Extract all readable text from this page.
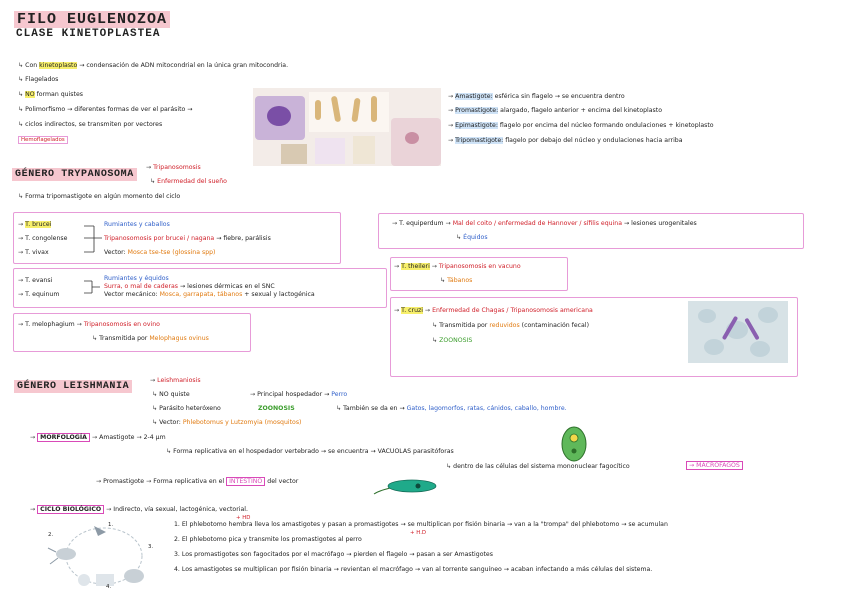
FILO EUGLENOZOA
CLASE KINETOPLASTEA
↳ Con kinetoplasto → condensación de ADN mitocondrial en la única gran mitocondria.
↳ Flagelados
↳ NO forman quistes
↳ Polimorfismo → diferentes formas de ver el parásito →
↳ ciclos indirectos, se transmiten por vectores
Hemoflagelados
→ Amastigote: esférica sin flagelo → se encuentra dentro
→ Promastigote: alargado, flagelo anterior + encima del kinetoplasto
→ Epimastigote: flagelo por encima del núcleo formando ondulaciones + kinetoplasto
→ Tripomastigote: flagelo por debajo del núcleo y ondulaciones hacia arriba
GÉNERO TRYPANOSOMA
→ Tripanosomosis
↳ Enfermedad del sueño
↳ Forma tripomastigote en algún momento del ciclo
→ T. brucei
→ T. congolense
→ T. vivax
Rumiantes y caballos
Tripanosomosis por brucei / nagana → fiebre, parálisis
Vector: Mosca tse-tse (glossina spp)
→ T. evansi
→ T. equinum
Rumiantes y équidos
Surra, o mal de caderas → lesiones dérmicas en el SNC
Vector mecánico: Mosca, garrapata, tábanos + sexual y lactogénica
→ T. melophagium → Tripanosomosis en ovino
↳ Transmitida por Melophagus ovinus
→ T. equiperdum → Mal del coito / enfermedad de Hannover / sífilis equina → lesiones urogenitales
↳ Équidos
→ T. theileri → Tripanosomosis en vacuno
↳ Tábanos
→ T. cruzi → Enfermedad de Chagas / Tripanosomosis americana
↳ Transmitida por reduvidos (contaminación fecal)
↳ ZOONOSIS
GÉNERO LEISHMANIA
→ Leishmaniosis
↳ NO quiste	→ Principal hospedador → Perro
↳ Parásito heteróxeno	ZOONOSIS	↳ También se da en → Gatos, lagomorfos, ratas, cánidos, caballo, hombre.
↳ Vector: Phlebotomus y Lutzomyia (mosquitos)
→ MORFOLOGÍA → Amastigote → 2-4 µm
↳ Forma replicativa en el hospedador vertebrado → se encuentra → VACUOLAS parasitóforas
↳ dentro de las células del sistema mononuclear fagocítico	→ MACRÓFAGOS
→ Promastigote → Forma replicativa en el INTESTINO del vector
→ CICLO BIOLÓGICO → Indirecto, vía sexual, lactogénica, vectorial.
1.
2.
3.
4.
+ HD
1. El phlebotomo hembra lleva los amastigotes y pasan a promastigotes → se multiplican por fisión binaria → van a la "trompa" del phlebotomo → se acumulan
+ H.D
2. El phlebotomo pica y transmite los promastigotes al perro
3. Los promastigotes son fagocitados por el macrófago → pierden el flagelo → pasan a ser Amastigotes
4. Los amastigotes se multiplican por fisión binaria → revientan el macrófago → van al torrente sanguíneo → acaban infectando a más células del sistema.
